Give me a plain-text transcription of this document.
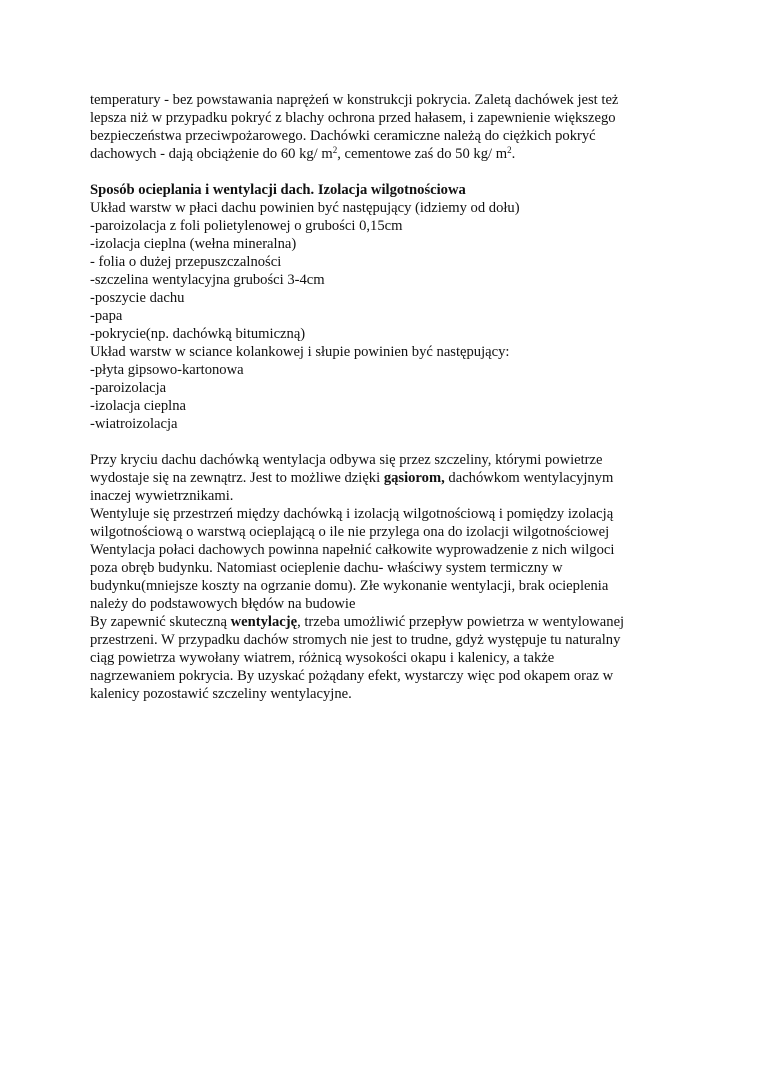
temperatury - bez powstawania naprężeń w konstrukcji pokrycia. Zaletą dachówek jest też
lepsza niż w przypadku pokryć z blachy ochrona przed hałasem, i zapewnienie większego
bezpieczeństwa przeciwpożarowego. Dachówki ceramiczne należą do ciężkich pokryć
dachowych - dają obciążenie do 60 kg/ $m^2$, cementowe zaś do 50 kg/ $m^2$.
Sposób ocieplania i wentylacji dach. Izolacja wilgotnościowa
Układ warstw w płaci dachu powinien być następujący (idziemy od dołu)
-paroizolacja z foli polietylenowej o grubości 0,15cm
-izolacja cieplna (wełna mineralna)
- folia o dużej przepuszczalności
-szczelina wentylacyjna grubości 3-4cm
-poszycie dachu
-papa
-pokrycie(np. dachówką bitumiczną)
Układ warstw w sciance kolankowej i słupie powinien być następujący:
-płyta gipsowo-kartonowa
-paroizolacja
-izolacja cieplna
-wiatroizolacja
Przy kryciu dachu dachówką wentylacja odbywa się przez szczeliny, którymi powietrze
wydostaje się na zewnątrz. Jest to możliwe dzięki gąsiorom, dachówkom wentylacyjnym
inaczej wywietrznikami.
Wentyluje się przestrzeń między dachówką i izolacją wilgotnościową i pomiędzy izolacją
wilgotnościową o warstwą ocieplającą o ile nie przylega ona do izolacji wilgotnościowej
Wentylacja połaci dachowych powinna napełnić całkowite wyprowadzenie z nich wilgoci
poza obręb budynku. Natomiast ocieplenie dachu- właściwy system termiczny w
budynku(mniejsze koszty na ogrzanie domu). Złe wykonanie wentylacji, brak ocieplenia
należy do podstawowych błędów na budowie
By zapewnić skuteczną wentylację, trzeba umożliwić przepływ powietrza w wentylowanej
przestrzeni. W przypadku dachów stromych nie jest to trudne, gdyż występuje tu naturalny
ciąg powietrza wywołany wiatrem, różnicą wysokości okapu i kalenicy, a także
nagrzewaniem pokrycia. By uzyskać pożądany efekt, wystarczy więc pod okapem oraz w
kalenicy pozostawić szczeliny wentylacyjne.
